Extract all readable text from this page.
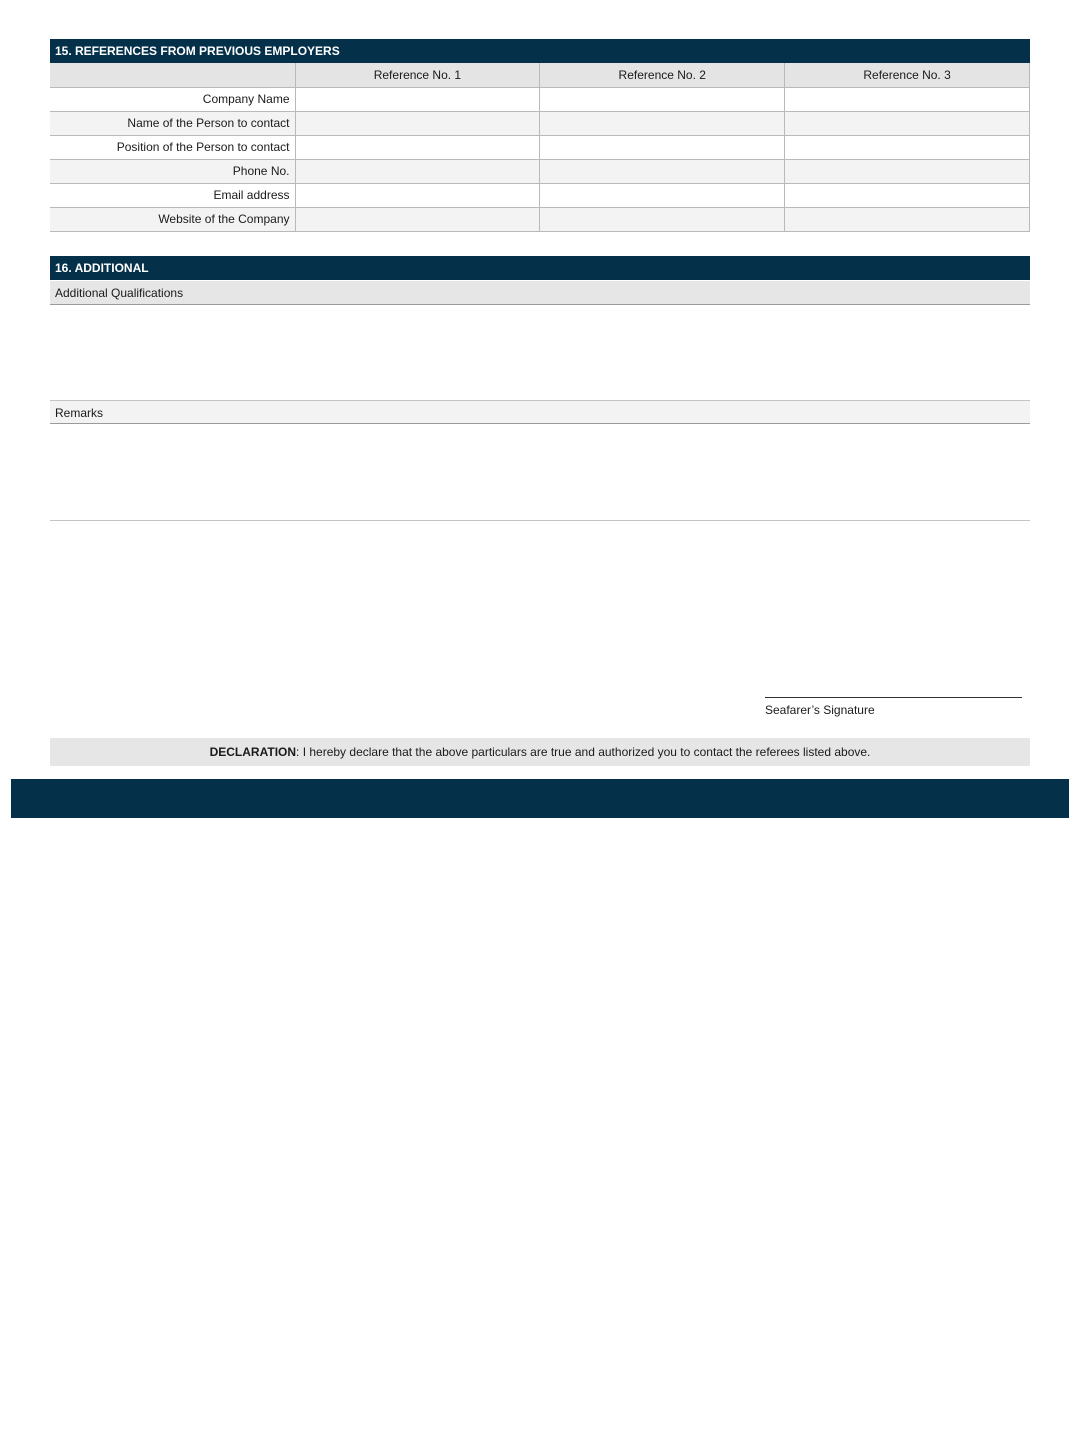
15. REFERENCES FROM PREVIOUS EMPLOYERS
	Reference No. 1	Reference No. 2	Reference No. 3
Company Name			
Name of the Person to contact			
Position of the Person to contact			
Phone No.			
Email address			
Website of the Company			
16. ADDITIONAL
Additional Qualifications
Remarks
Seafarer’s Signature
DECLARATION: I hereby declare that the above particulars are true and authorized you to contact the referees listed above.
